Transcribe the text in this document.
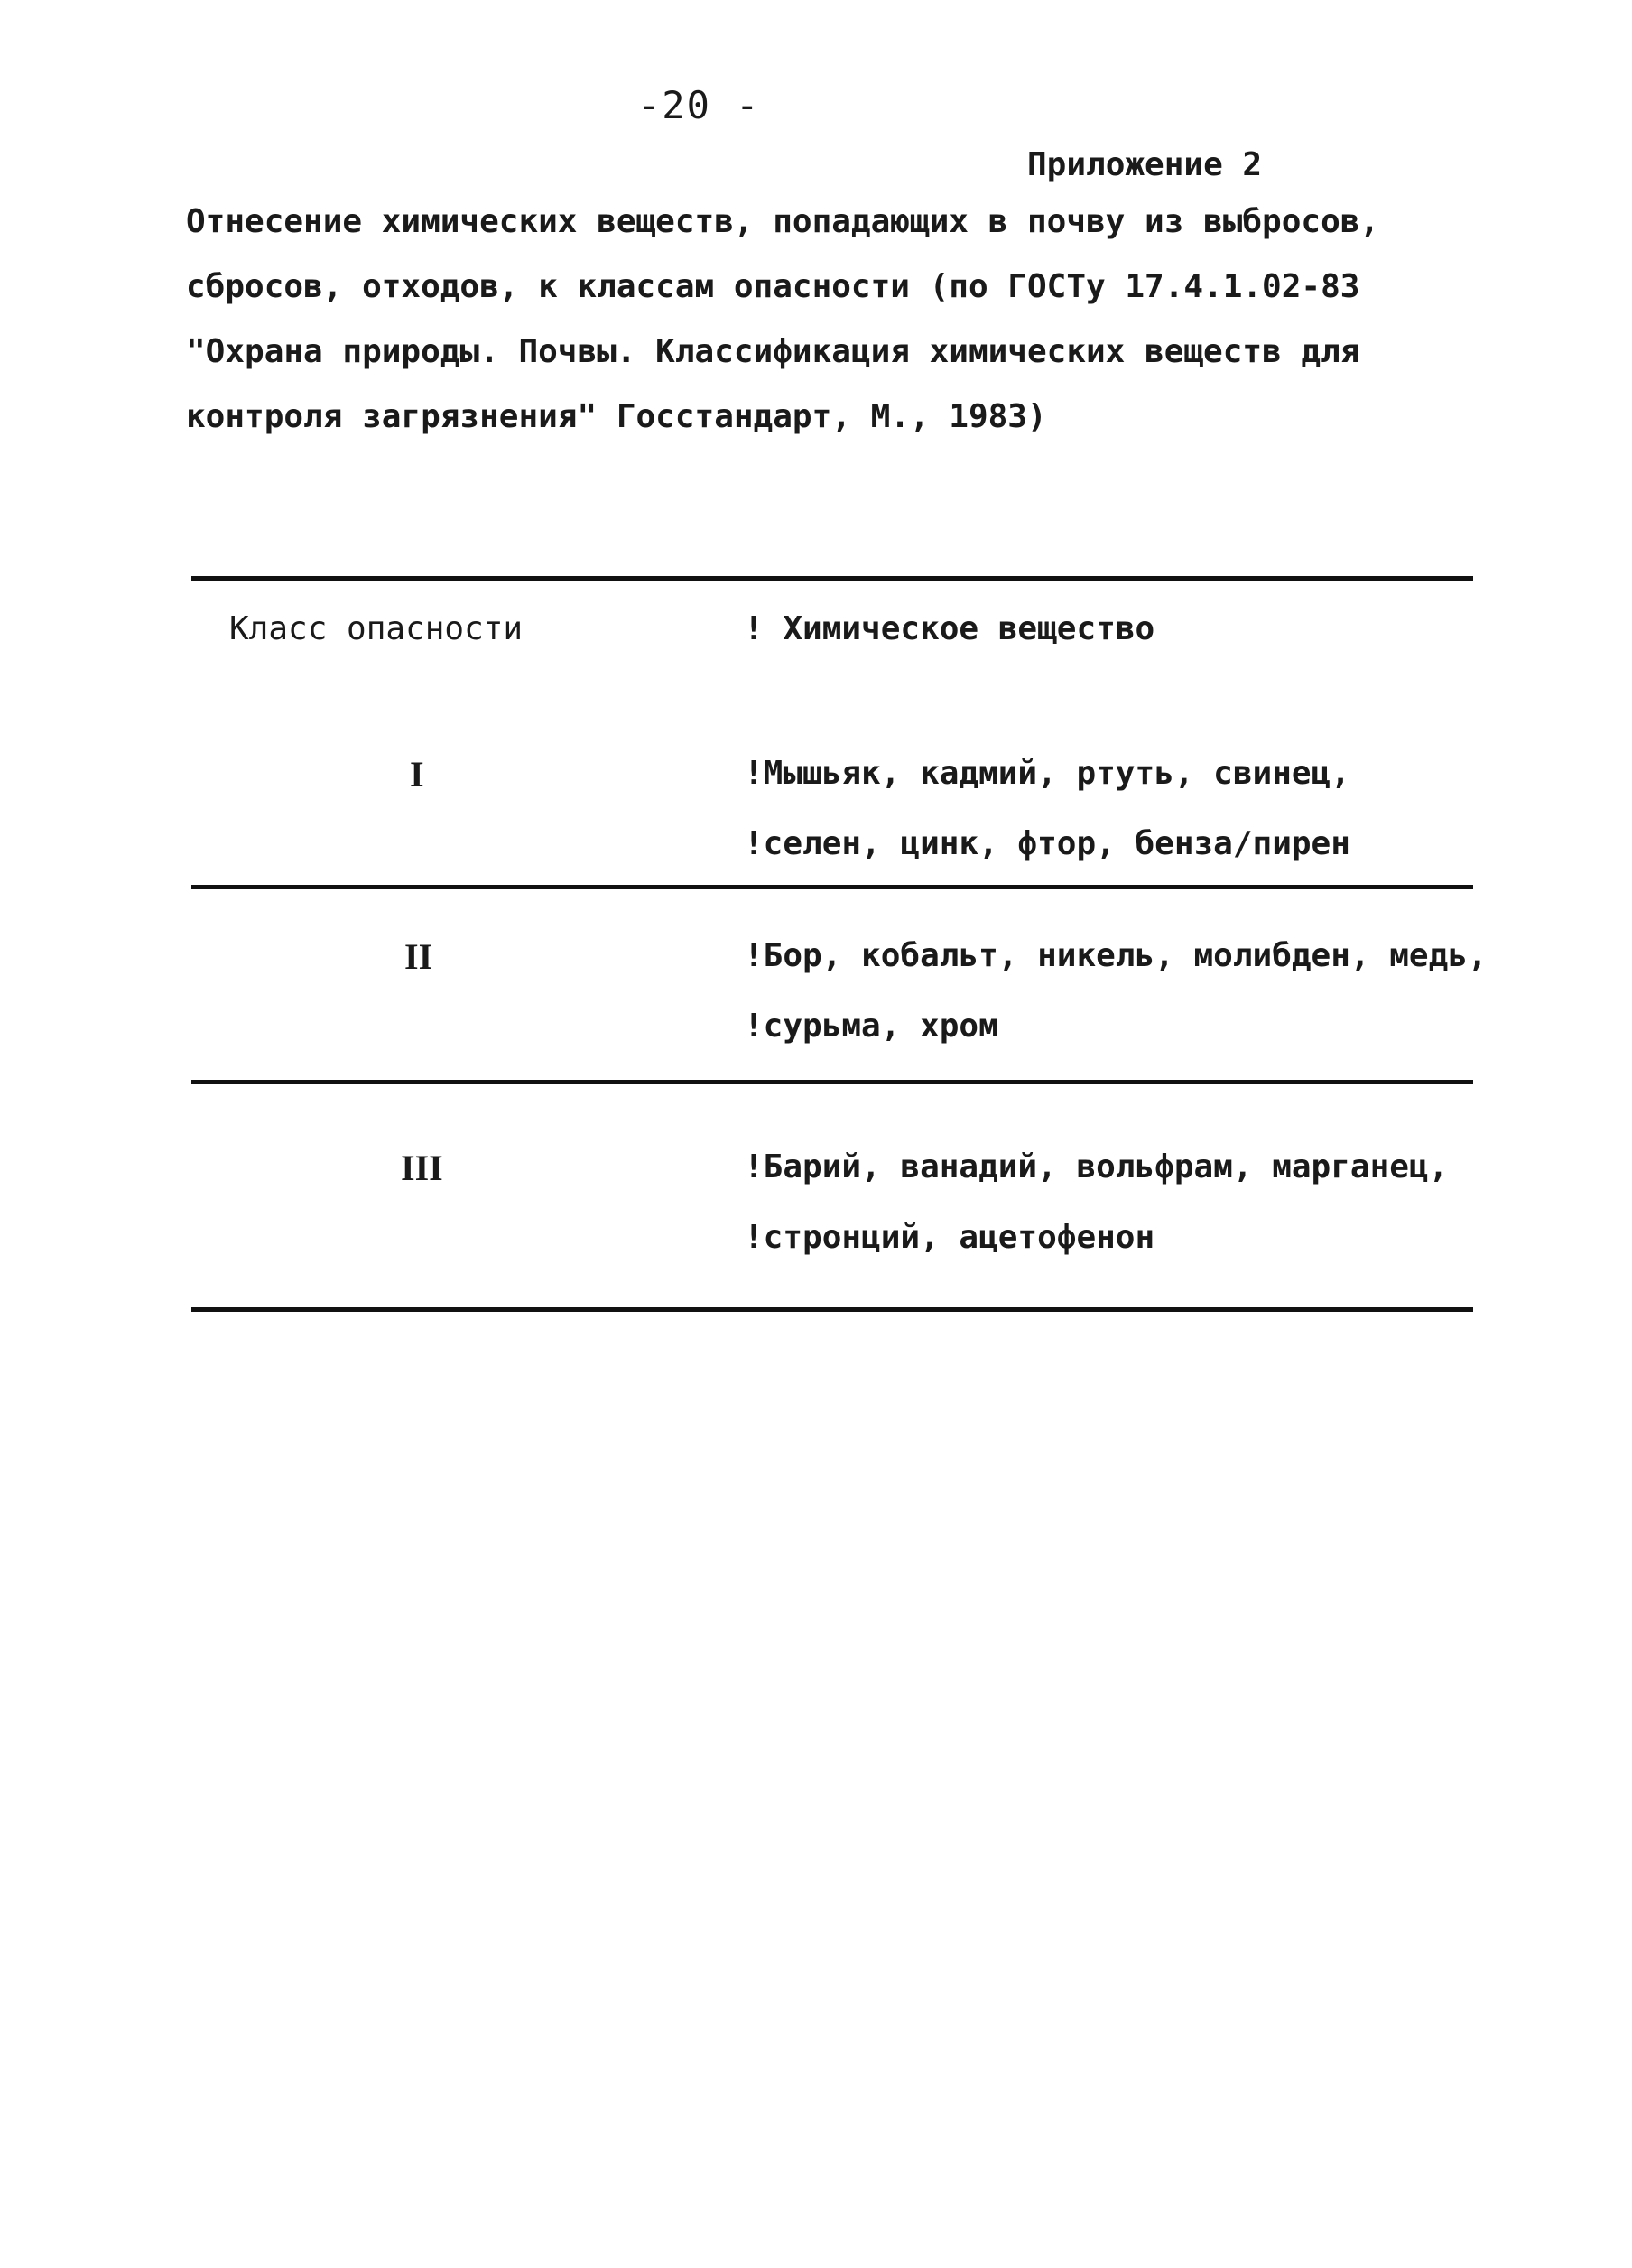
-20 -
Приложение 2
Отнесение химических веществ, попадающих в почву из выбросов,
сбросов, отходов, к классам опасности (по ГОСТу 17.4.1.02-83
"Охрана природы. Почвы. Классификация химических веществ для
контроля загрязнения" Госстандарт, М., 1983)
Класс опасности	! Химическое вещество
I	!Мышьяк, кадмий, ртуть, свинец,
!селен, цинк, фтор, бенза/пирен
II	!Бор, кобальт, никель, молибден, медь,
!сурьма, хром
III	!Барий, ванадий, вольфрам, марганец,
!стронций, ацетофенон
